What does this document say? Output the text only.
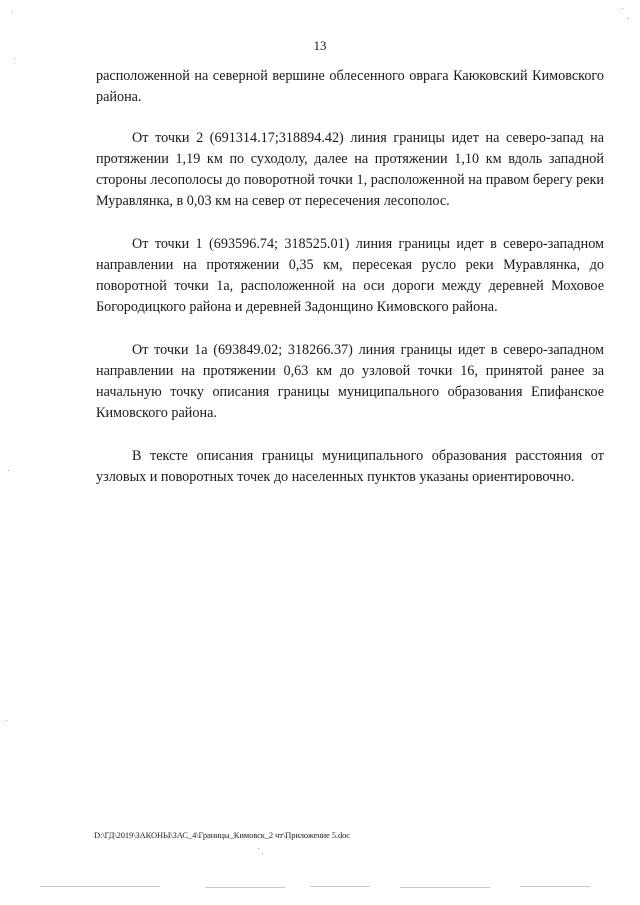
13

расположенной на северной вершине облесенного оврага Каюковский Кимовского района.

От точки 2 (691314.17;318894.42) линия границы идет на северо-запад на протяжении 1,19 км по суходолу, далее на протяжении 1,10 км вдоль западной стороны лесополосы до поворотной точки 1, расположенной на правом берегу реки Муравлянка, в 0,03 км на север от пересечения лесополос.

От точки 1 (693596.74; 318525.01) линия границы идет в северо-западном направлении на протяжении 0,35 км, пересекая русло реки Муравлянка, до поворотной точки 1а, расположенной на оси дороги между деревней Моховое Богородицкого района и деревней Задонщино Кимовского района.

От точки 1а (693849.02; 318266.37) линия границы идет в северо-западном направлении на протяжении 0,63 км до узловой точки 16, принятой ранее за начальную точку описания границы муниципального образования Епифанское Кимовского района.

В тексте описания границы муниципального образования расстояния от узловых и поворотных точек до населенных пунктов указаны ориентировочно.

D:\ГД\2019\ЗАКОНЫ\ЗАС_4\Границы_Кимовск_2 чт\Приложение 5.doc
